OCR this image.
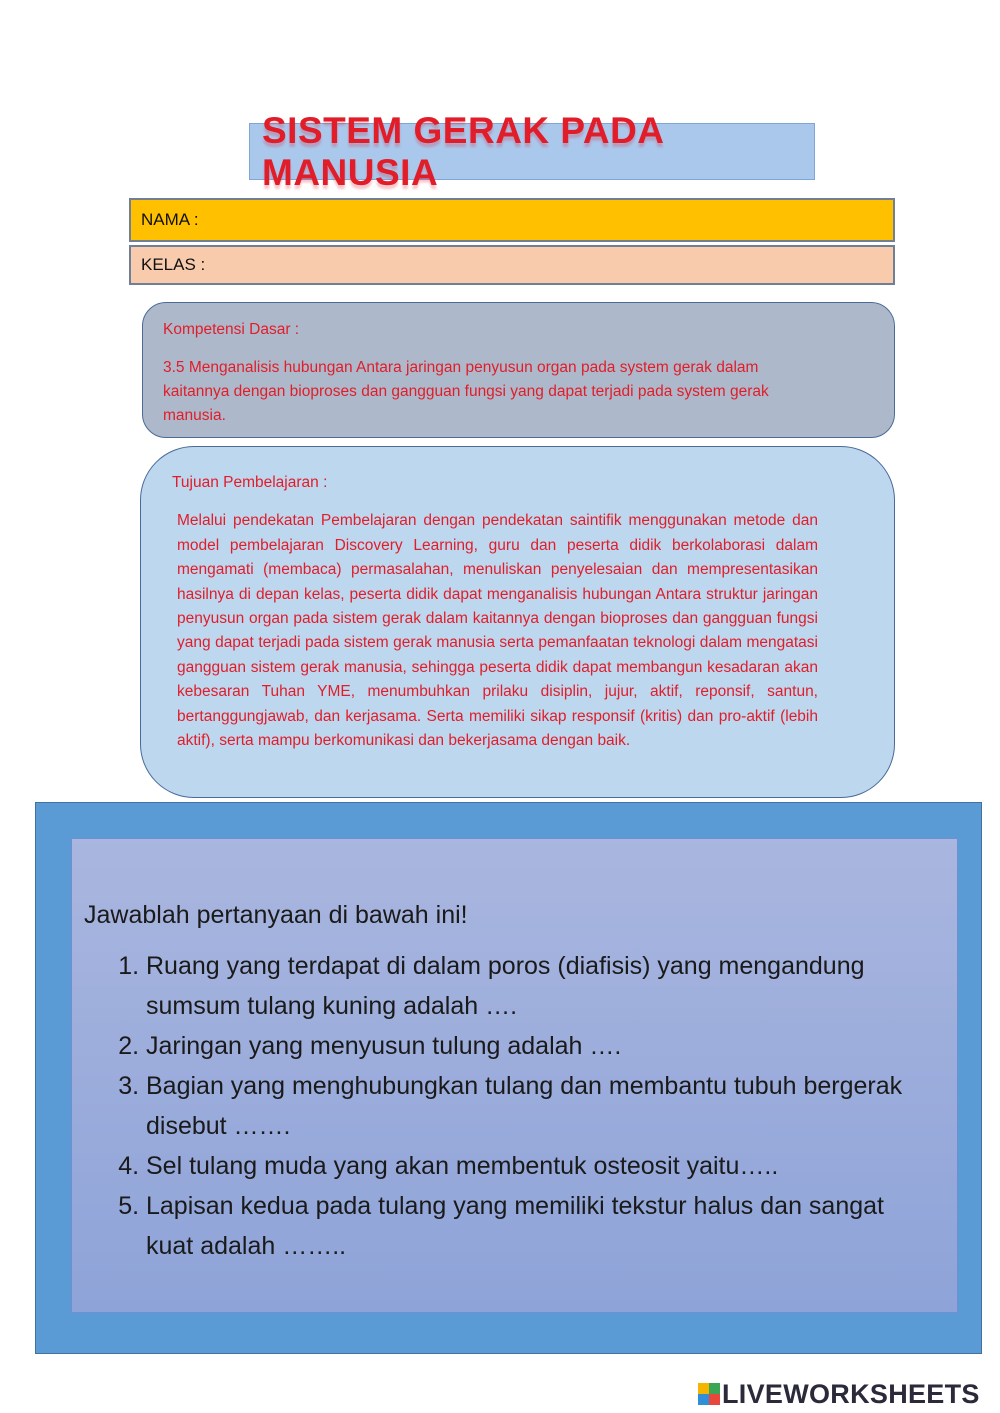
SISTEM GERAK PADA MANUSIA
NAMA :
KELAS :
Kompetensi Dasar :
3.5 Menganalisis hubungan Antara jaringan penyusun organ pada system gerak dalam kaitannya dengan bioproses dan gangguan fungsi yang dapat terjadi pada system gerak manusia.
Tujuan Pembelajaran :
Melalui pendekatan Pembelajaran dengan pendekatan saintifik menggunakan metode dan model pembelajaran Discovery Learning, guru dan peserta didik berkolaborasi dalam mengamati (membaca) permasalahan, menuliskan penyelesaian dan mempresentasikan hasilnya di depan kelas, peserta didik dapat menganalisis hubungan Antara struktur jaringan penyusun organ pada sistem gerak dalam kaitannya dengan bioproses dan gangguan fungsi yang dapat terjadi pada sistem gerak manusia serta pemanfaatan teknologi dalam mengatasi gangguan sistem gerak manusia, sehingga peserta didik dapat membangun kesadaran akan kebesaran Tuhan YME, menumbuhkan prilaku disiplin, jujur, aktif, reponsif, santun, bertanggungjawab, dan kerjasama. Serta memiliki sikap responsif (kritis) dan pro-aktif (lebih aktif), serta mampu berkomunikasi dan bekerjasama dengan baik.
Jawablah pertanyaan di bawah ini!
1. Ruang yang terdapat di dalam poros (diafisis) yang mengandung sumsum tulang kuning adalah ….
2. Jaringan yang menyusun tulung adalah ….
3. Bagian yang menghubungkan tulang dan membantu tubuh bergerak disebut …….
4. Sel tulang muda yang akan membentuk osteosit yaitu…..
5. Lapisan kedua pada tulang yang memiliki tekstur halus dan sangat kuat adalah ……..
LIVEWORKSHEETS
